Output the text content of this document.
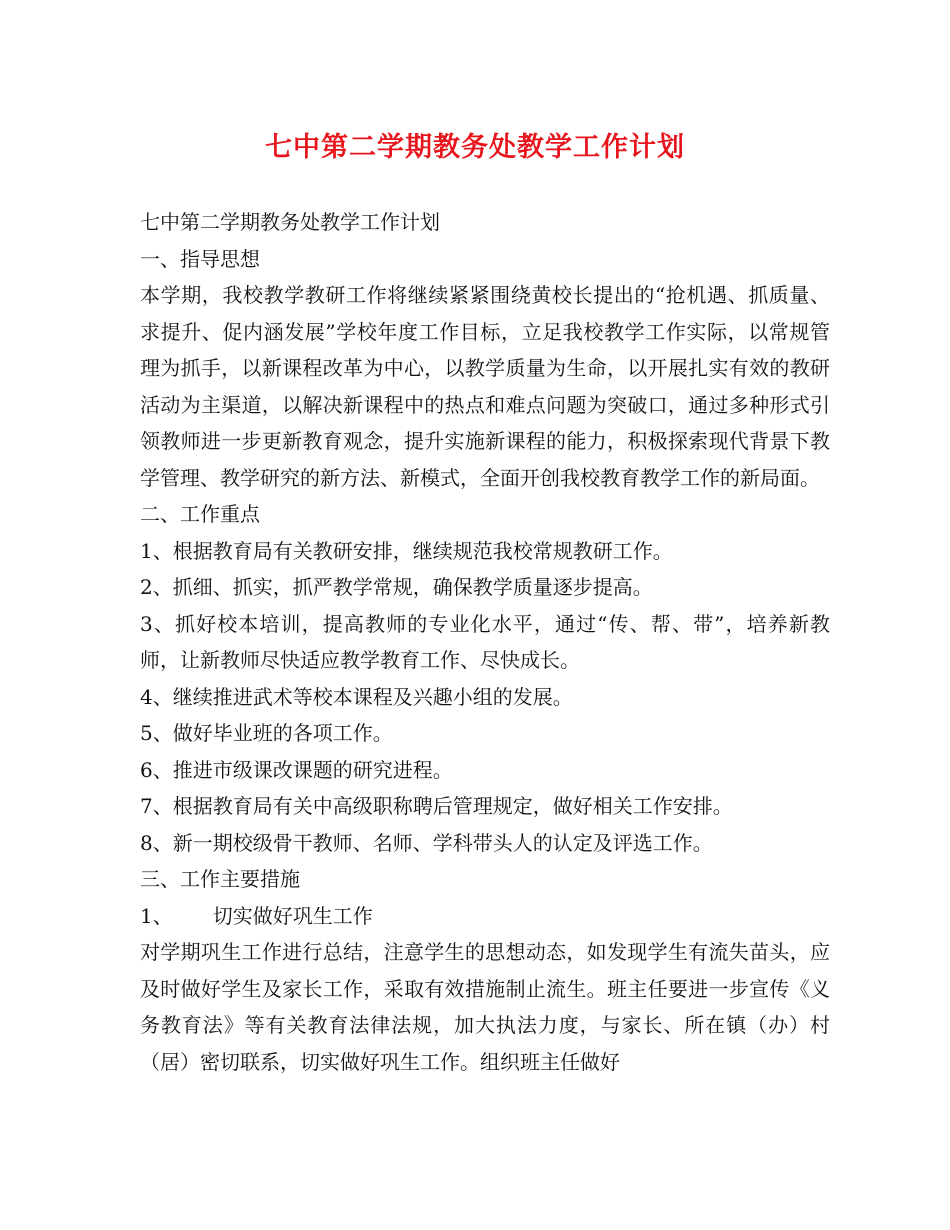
七中第二学期教务处教学工作计划
七中第二学期教务处教学工作计划
一、指导思想
本学期，我校教学教研工作将继续紧紧围绕黄校长提出的“抢机遇、抓质量、求提升、促内涵发展”学校年度工作目标，立足我校教学工作实际，以常规管理为抓手，以新课程改革为中心，以教学质量为生命，以开展扎实有效的教研活动为主渠道，以解决新课程中的热点和难点问题为突破口，通过多种形式引领教师进一步更新教育观念，提升实施新课程的能力，积极探索现代背景下教学管理、教学研究的新方法、新模式，全面开创我校教育教学工作的新局面。
二、工作重点
1、根据教育局有关教研安排，继续规范我校常规教研工作。
2、抓细、抓实，抓严教学常规，确保教学质量逐步提高。
3、抓好校本培训，提高教师的专业化水平，通过“传、帮、带”，培养新教师，让新教师尽快适应教学教育工作、尽快成长。
4、继续推进武术等校本课程及兴趣小组的发展。
5、做好毕业班的各项工作。
6、推进市级课改课题的研究进程。
7、根据教育局有关中高级职称聘后管理规定，做好相关工作安排。
8、新一期校级骨干教师、名师、学科带头人的认定及评选工作。
三、工作主要措施
1、 切实做好巩生工作
对学期巩生工作进行总结，注意学生的思想动态，如发现学生有流失苗头，应及时做好学生及家长工作，采取有效措施制止流生。班主任要进一步宣传《义务教育法》等有关教育法律法规，加大执法力度，与家长、所在镇（办）村（居）密切联系，切实做好巩生工作。组织班主任做好
